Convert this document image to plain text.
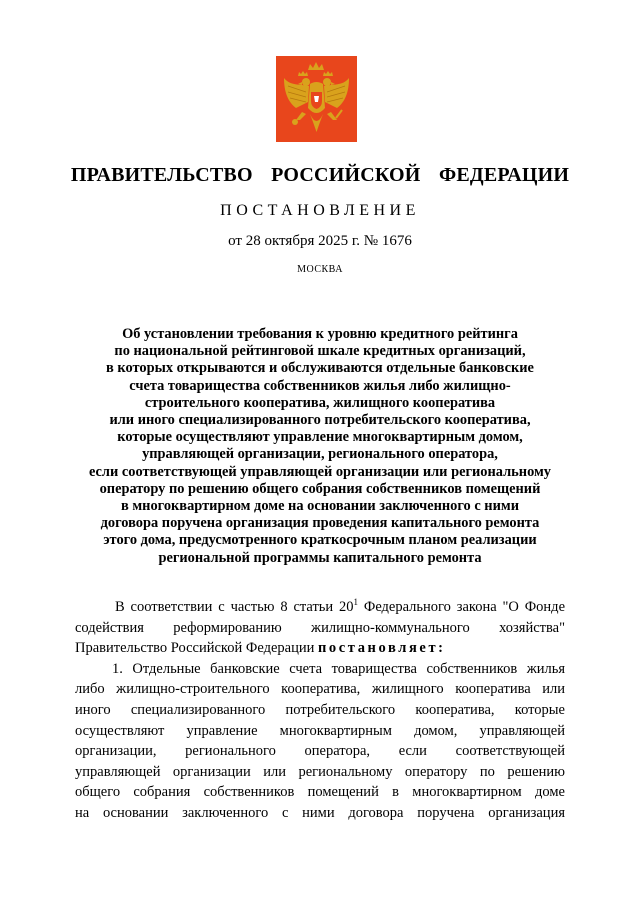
ПРАВИТЕЛЬСТВО  РОССИЙСКОЙ  ФЕДЕРАЦИИ
ПОСТАНОВЛЕНИЕ
от 28 октября 2025 г. № 1676
МОСКВА
Об установлении требования к уровню кредитного рейтинга
по национальной рейтинговой шкале кредитных организаций,
в которых открываются и обслуживаются отдельные банковские
счета товарищества собственников жилья либо жилищно-
строительного кооператива, жилищного кооператива
или иного специализированного потребительского кооператива,
которые осуществляют управление многоквартирным домом,
управляющей организации, регионального оператора,
если соответствующей управляющей организации или региональному
оператору по решению общего собрания собственников помещений
в многоквартирном доме на основании заключенного с ними
договора поручена организация проведения капитального ремонта
этого дома, предусмотренного краткосрочным планом реализации
региональной программы капитального ремонта
В соответствии с частью 8 статьи $20^1$ Федерального закона "О Фонде
содействия реформированию жилищно-коммунального хозяйства"
Правительство Российской Федерации постановляет:
1. Отдельные банковские счета товарищества собственников жилья
либо жилищно-строительного кооператива, жилищного кооператива или
иного специализированного потребительского кооператива, которые
осуществляют управление многоквартирным домом, управляющей
организации, регионального оператора, если соответствующей
управляющей организации или региональному оператору по решению
общего собрания собственников помещений в многоквартирном доме
на основании заключенного с ними договора поручена организация
